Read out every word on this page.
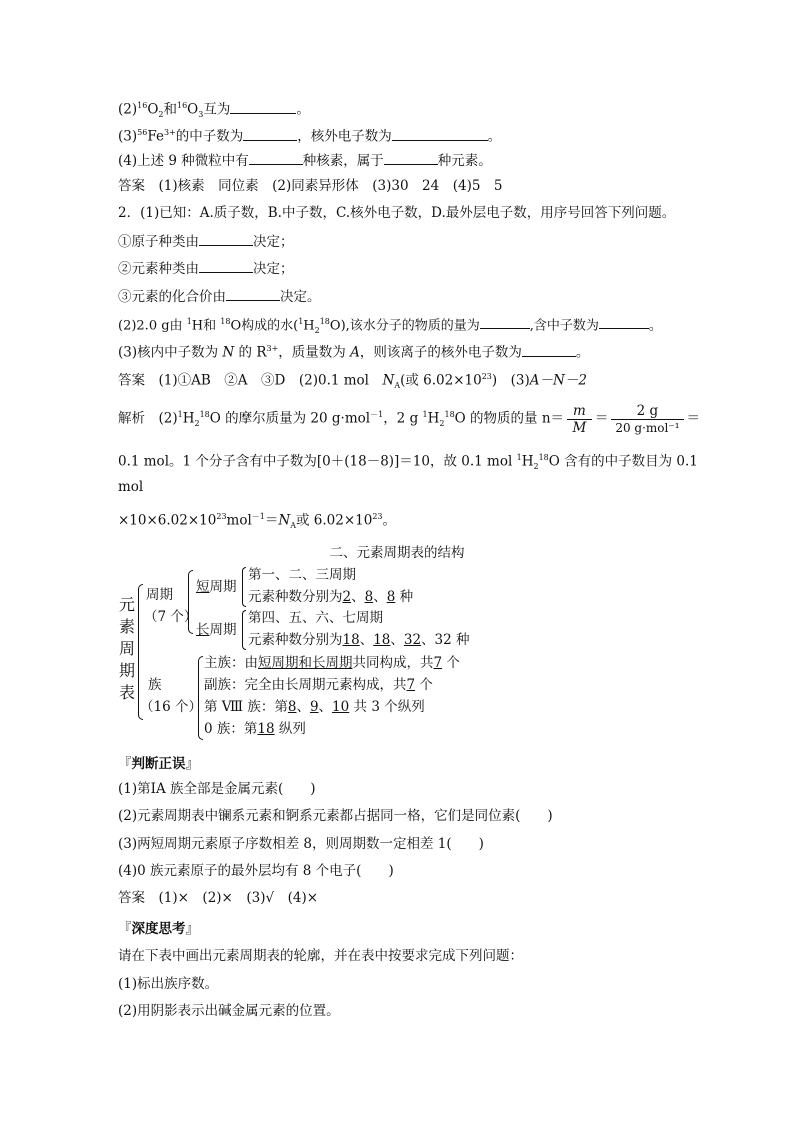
$(2)^{16}O_2$和$^{16}O_3$互为	。
$(3)^{56}Fe^{3+}$的中子数为	，核外电子数为	。
(4)上述 9 种微粒中有	种核素，属于	种元素。
答案　(1)核素　同位素　(2)同素异形体　(3)30　24　(4)5　5
2．(1)已知：A.质子数，B.中子数，C.核外电子数，D.最外层电子数，用序号回答下列问题。
①原子种类由	决定；
②元素种类由	决定；
③元素的化合价由	决定。
(2)2.0 g由 $^1$H和 $^{18}$O构成的水$(^1H_2^{18}O)$,该水分子的物质的量为	,含中子数为	。
(3)核内中子数为 N 的 $R^{3+}$，质量数为 A，则该离子的核外电子数为	。
答案　(1)①AB　②A　③D　(2)0.1 mol　$N_A$(或 $6.02\times 10^{23}$)　(3)A－N－2
解析　$(2)^1H_2^{18}O$ 的摩尔质量为 20 g·mol$^{-1}$，2 g $^1H_2^{18}O$ 的物质的量 $n= \frac{m}{M} = \frac{2 g}{\text{20 g·mol⁻¹}}$ ＝
0.1 mol。1 个分子含有中子数为[0＋(18－8)]＝10，故 0.1 mol $^1H_2^{18}O$ 含有的中子数目为 0.1
mol
$\times 10\times 6.02\times 10^{23}mol^{-1}=N_A$或 $6.02\times 10^{23}$。
二、元素周期表的结构
元
素
周
期
表
周期
（7 个）
短周期
第一、二、三周期
元素种数分别为2、8、8 种
长周期
第四、五、六、七周期
元素种数分别为18、18、32、32 种
族
（16 个）
主族：由短周期和长周期共同构成，共7 个
副族：完全由长周期元素构成，共7 个
第 Ⅷ 族：第8、9、10 共 3 个纵列
0 族：第18 纵列
『判断正误』
(1)第ⅠA 族全部是金属元素(　　)
(2)元素周期表中镧系元素和锕系元素都占据同一格，它们是同位素(　　)
(3)两短周期元素原子序数相差 8，则周期数一定相差 1(　　)
(4)0 族元素原子的最外层均有 8 个电子(　　)
答案　(1)×　(2)×　(3)√　(4)×
『深度思考』
请在下表中画出元素周期表的轮廓，并在表中按要求完成下列问题：
(1)标出族序数。
(2)用阴影表示出碱金属元素的位置。
